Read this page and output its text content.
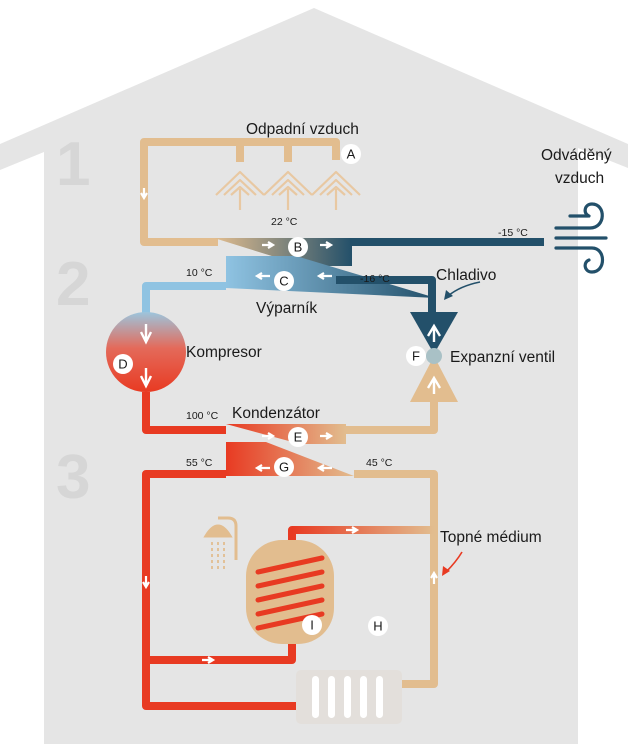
1
2
3
A
B
C
D
E
F
G
H
I
Odpadní vzduch
Odváděný
vzduch
Chladivo
Výparník
Kompresor	Expanzní ventil
Kondenzátor
Topné médium
22 °C
-15 °C
10 °C	-16 °C
100 °C
55 °C	45 °C
